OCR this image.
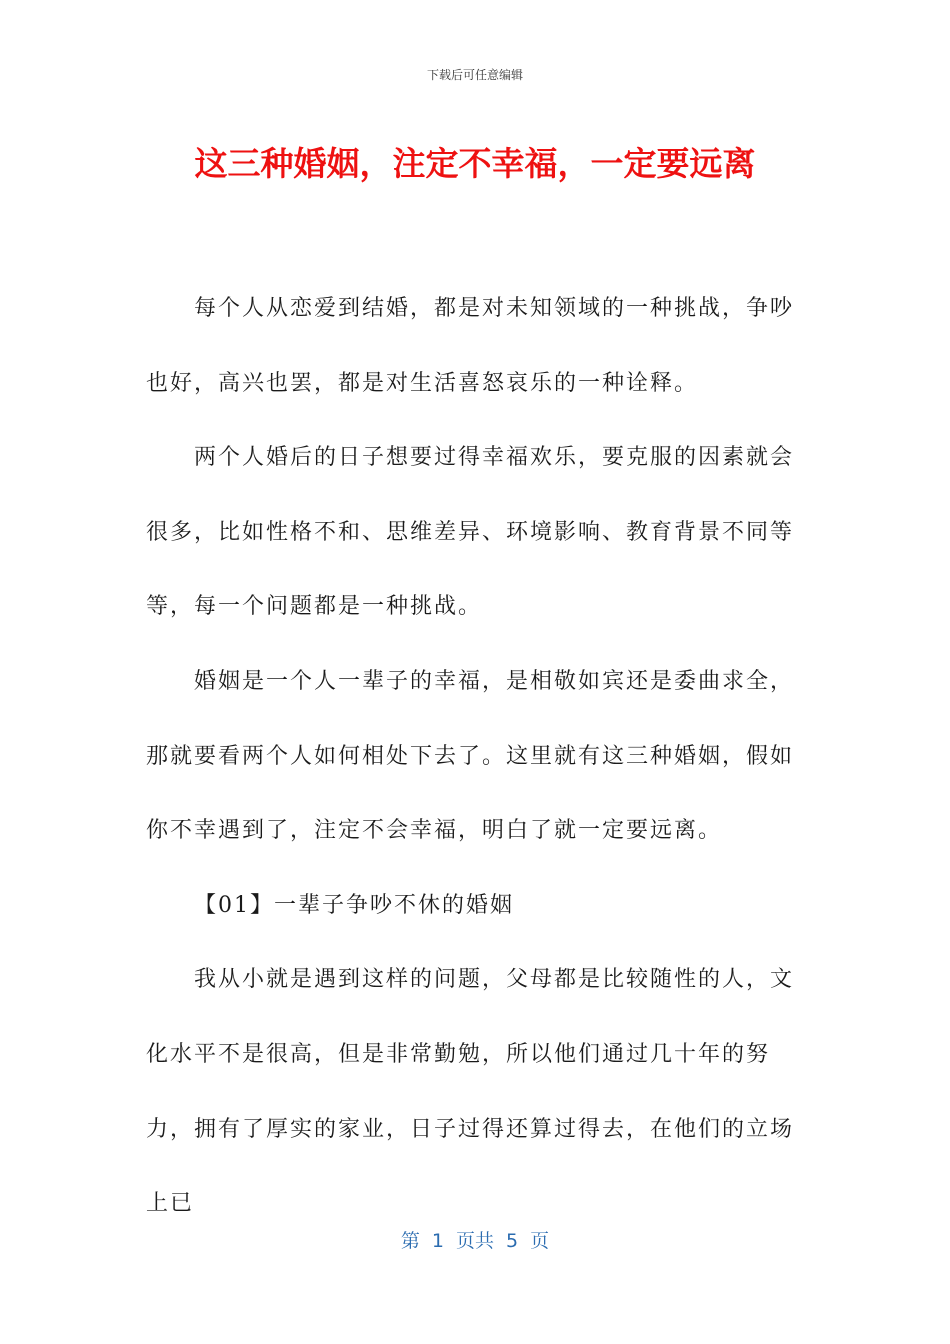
下载后可任意编辑
这三种婚姻，注定不幸福，一定要远离

每个人从恋爱到结婚，都是对未知领域的一种挑战，争吵也好，高兴也罢，都是对生活喜怒哀乐的一种诠释。

两个人婚后的日子想要过得幸福欢乐，要克服的因素就会很多，比如性格不和、思维差异、环境影响、教育背景不同等等，每一个问题都是一种挑战。

婚姻是一个人一辈子的幸福，是相敬如宾还是委曲求全，那就要看两个人如何相处下去了。这里就有这三种婚姻，假如你不幸遇到了，注定不会幸福，明白了就一定要远离。

【01】一辈子争吵不休的婚姻

我从小就是遇到这样的问题，父母都是比较随性的人，文化水平不是很高，但是非常勤勉，所以他们通过几十年的努力，拥有了厚实的家业，日子过得还算过得去，在他们的立场上已

第 1 页共 5 页
